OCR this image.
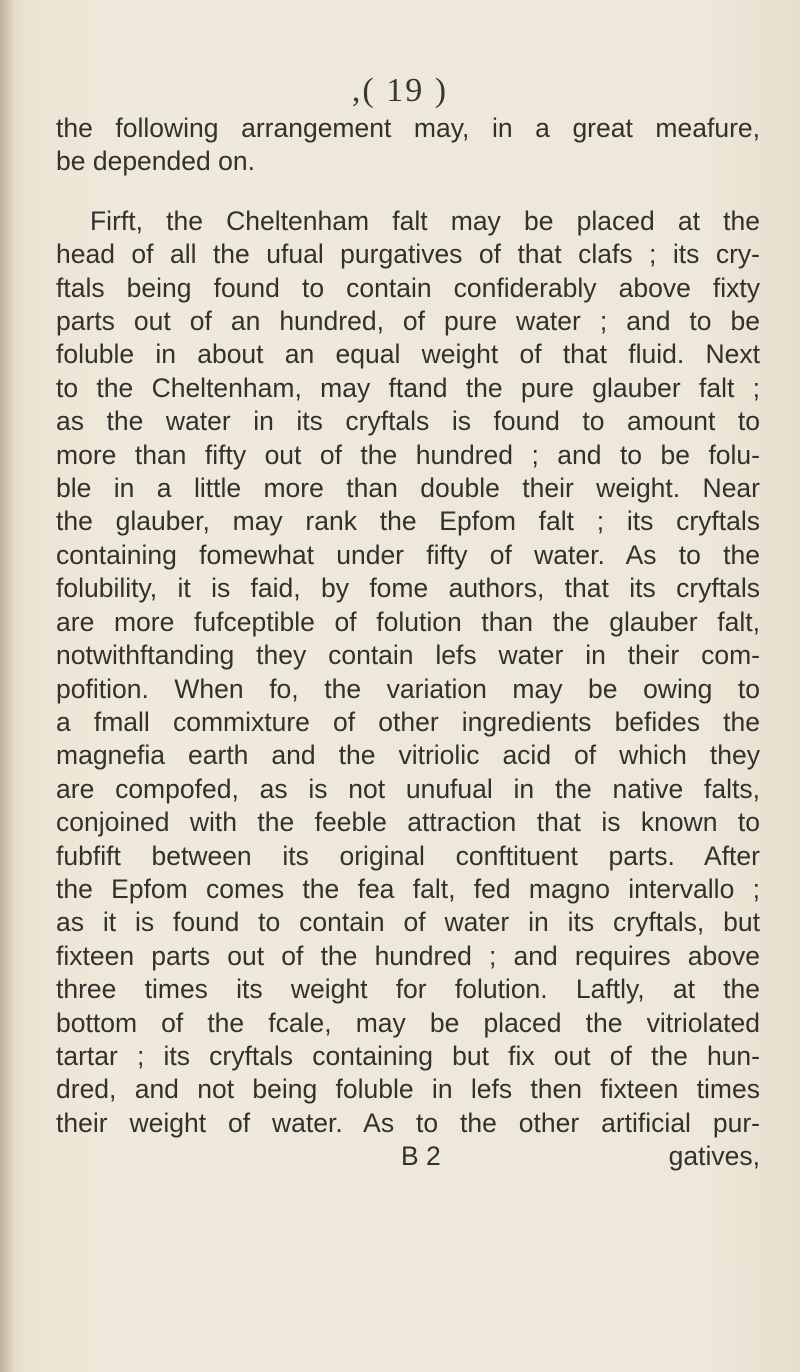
,( 19 )
the following arrangement may, in a great meafure,
be depended on.
Firft, the Cheltenham falt may be placed at the
head of all the ufual purgatives of that clafs ; its cry-
ftals being found to contain confiderably above fixty
parts out of an hundred, of pure water ; and to be
foluble in about an equal weight of that fluid. Next
to the Cheltenham, may ftand the pure glauber falt ;
as the water in its cryftals is found to amount to
more than fifty out of the hundred ; and to be folu-
ble in a little more than double their weight. Near
the glauber, may rank the Epfom falt ; its cryftals
containing fomewhat under fifty of water. As to the
folubility, it is faid, by fome authors, that its cryftals
are more fufceptible of folution than the glauber falt,
notwithftanding they contain lefs water in their com-
pofition. When fo, the variation may be owing to
a fmall commixture of other ingredients befides the
magnefia earth and the vitriolic acid of which they
are compofed, as is not unufual in the native falts,
conjoined with the feeble attraction that is known to
fubfift between its original conftituent parts. After
the Epfom comes the fea falt, fed magno intervallo ;
as it is found to contain of water in its cryftals, but
fixteen parts out of the hundred ; and requires above
three times its weight for folution. Laftly, at the
bottom of the fcale, may be placed the vitriolated
tartar ; its cryftals containing but fix out of the hun-
dred, and not being foluble in lefs then fixteen times
their weight of water. As to the other artificial pur-
B 2	gatives,
